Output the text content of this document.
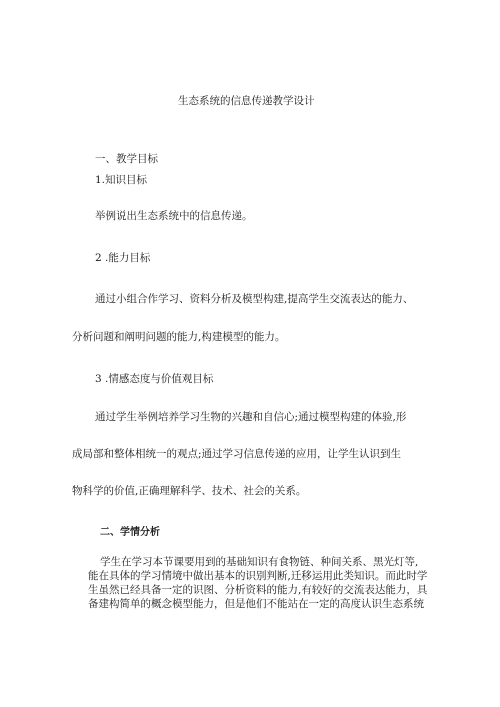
生态系统的信息传递教学设计
一、教学目标
1.知识目标
举例说出生态系统中的信息传递。
2 .能力目标
通过小组合作学习、资料分析及模型构建,提高学生交流表达的能力、
分析问题和阐明问题的能力,构建模型的能力。
3 .情感态度与价值观目标
通过学生举例培养学习生物的兴趣和自信心;通过模型构建的体验,形
成局部和整体相统一的观点;通过学习信息传递的应用，让学生认识到生
物科学的价值,正确理解科学、技术、社会的关系。
二、学情分析
学生在学习本节课要用到的基础知识有食物链、种间关系、黑光灯等,
能在具体的学习情境中做出基本的识别判断,迁移运用此类知识。而此时学
生虽然已经具备一定的识图、分析资料的能力,有较好的交流表达能力，具
备建构简单的概念模型能力，但是他们不能站在一定的高度认识生态系统
